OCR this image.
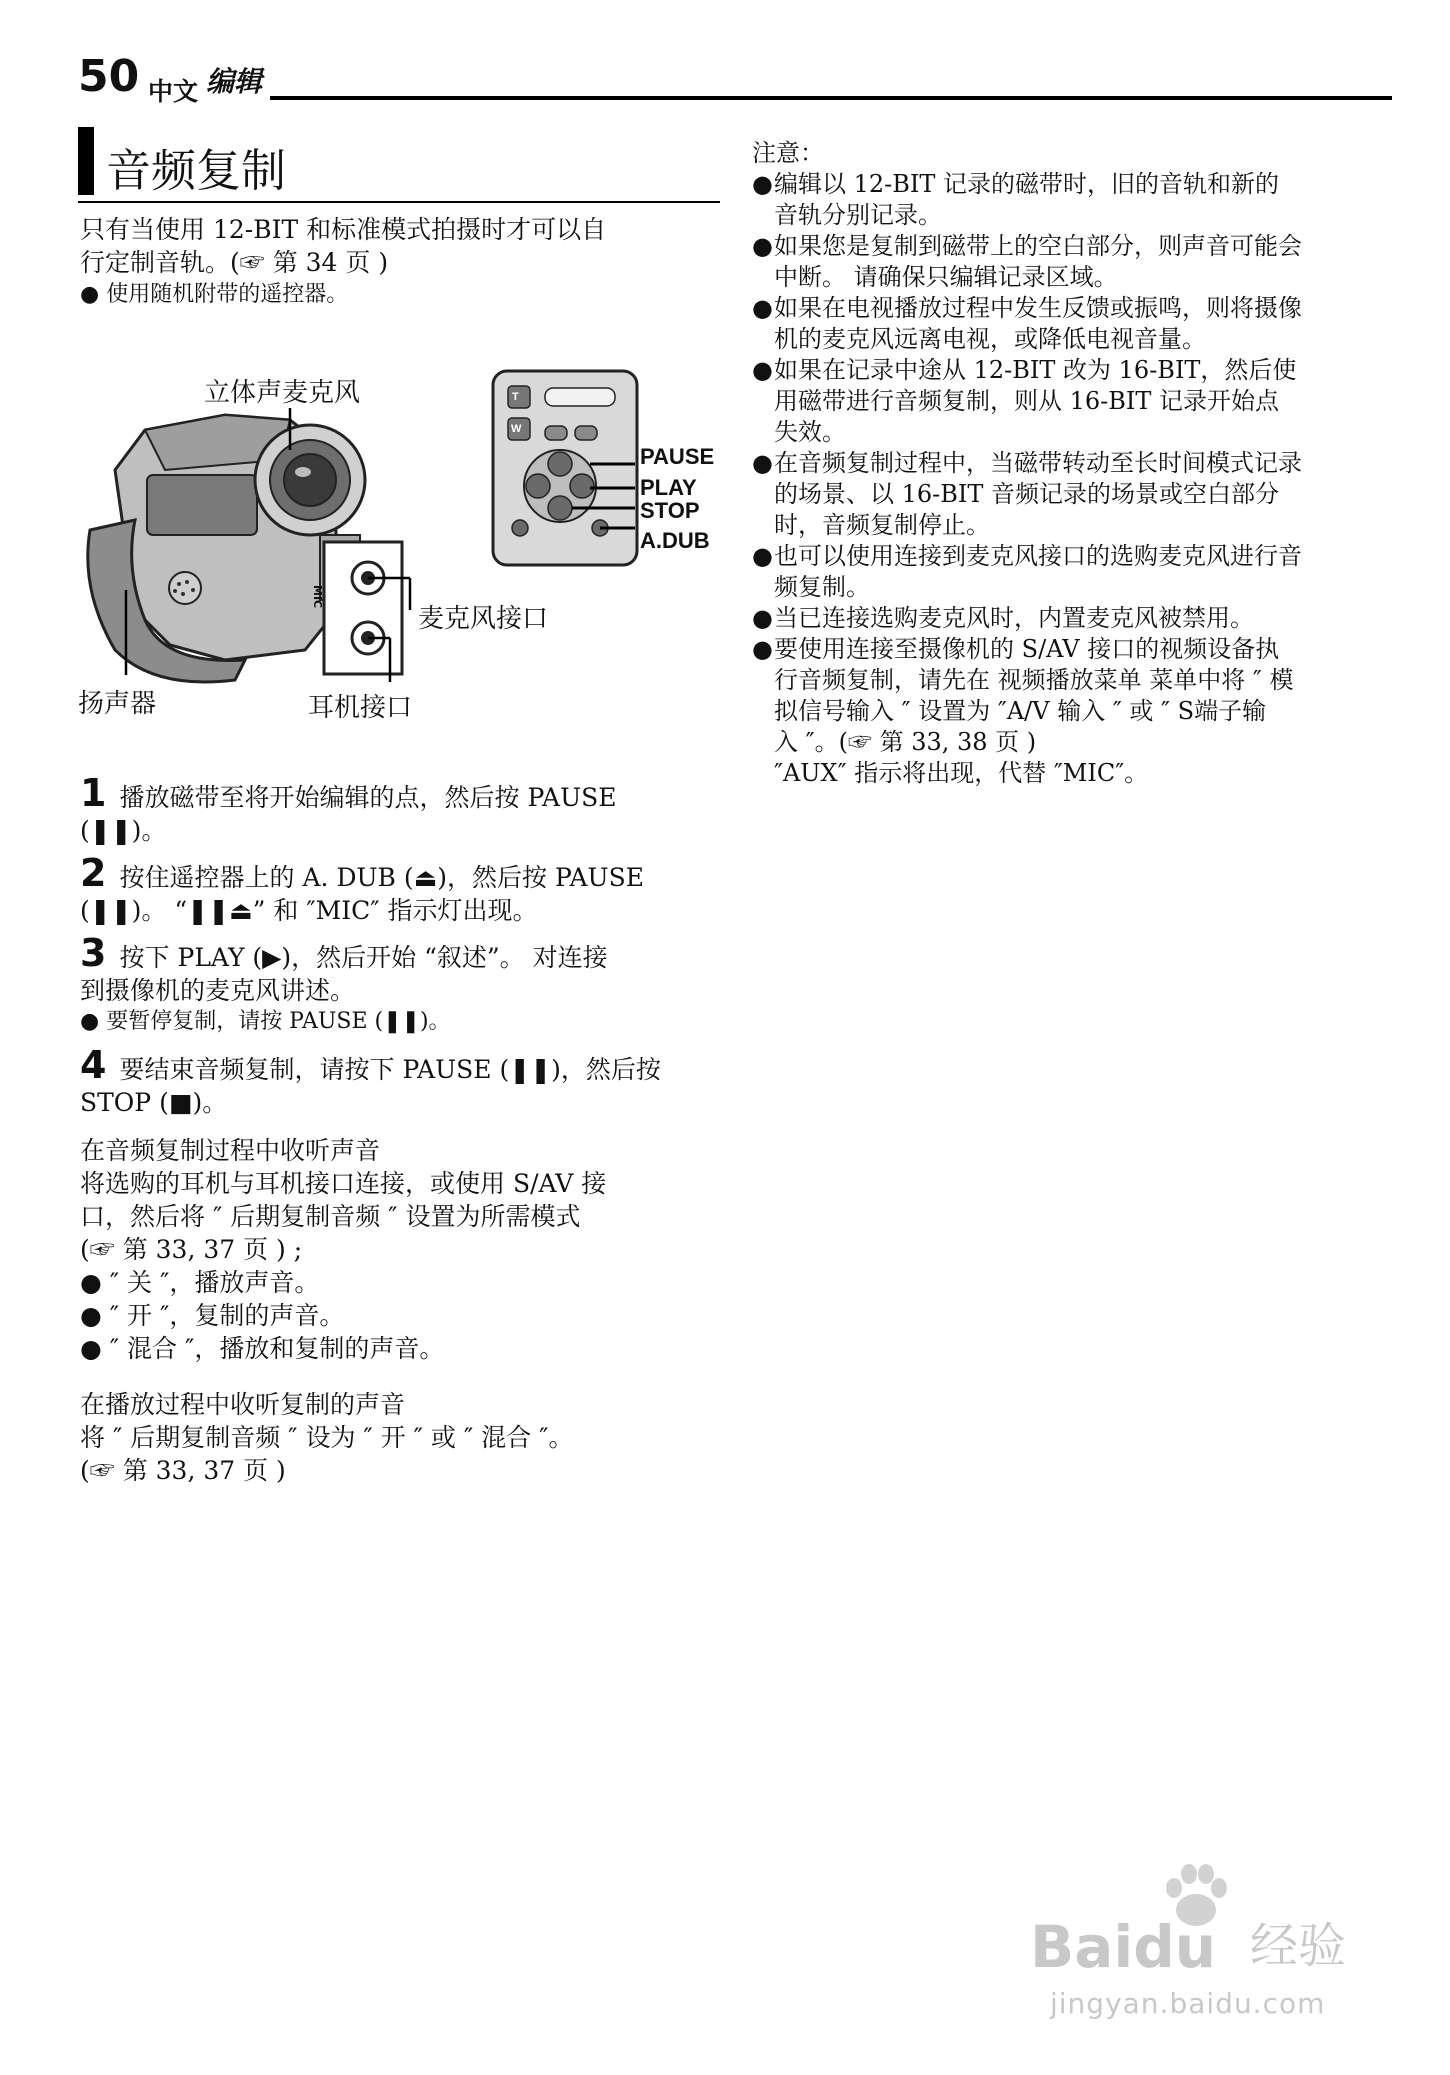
50 中文 编辑
音频复制
只有当使用 12-BIT 和标准模式拍摄时才可以自
行定制音轨。(☞ 第 34 页 )
● 使用随机附带的遥控器。
MIC
立体声麦克风
麦克风接口
扬声器	耳机接口
T
W
PAUSE
PLAY
STOP
A.DUB
1 播放磁带至将开始编辑的点，然后按 PAUSE
(❚❚)。
2 按住遥控器上的 A. DUB (⏏)，然后按 PAUSE
(❚❚)。 “❚❚⏏” 和 ″MIC″ 指示灯出现。
3 按下 PLAY (▶)，然后开始 “叙述”。 对连接
到摄像机的麦克风讲述。
● 要暂停复制，请按 PAUSE (❚❚)。
4 要结束音频复制，请按下 PAUSE (❚❚)，然后按
STOP (■)。
在音频复制过程中收听声音
将选购的耳机与耳机接口连接，或使用 S/AV 接
口，然后将 ″ 后期复制音频 ″ 设置为所需模式
(☞ 第 33, 37 页 ) ;
● ″ 关 ″，播放声音。
● ″ 开 ″，复制的声音。
● ″ 混合 ″，播放和复制的声音。
在播放过程中收听复制的声音
将 ″ 后期复制音频 ″ 设为 ″ 开 ″ 或 ″ 混合 ″。
(☞ 第 33, 37 页 )
注意：
●编辑以 12-BIT 记录的磁带时，旧的音轨和新的
音轨分别记录。
●如果您是复制到磁带上的空白部分，则声音可能会
中断。 请确保只编辑记录区域。
●如果在电视播放过程中发生反馈或振鸣，则将摄像
机的麦克风远离电视，或降低电视音量。
●如果在记录中途从 12-BIT 改为 16-BIT，然后使
用磁带进行音频复制，则从 16-BIT 记录开始点
失效。
●在音频复制过程中，当磁带转动至长时间模式记录
的场景、以 16-BIT 音频记录的场景或空白部分
时，音频复制停止。
●也可以使用连接到麦克风接口的选购麦克风进行音
频复制。
●当已连接选购麦克风时，内置麦克风被禁用。
●要使用连接至摄像机的 S/AV 接口的视频设备执
行音频复制，请先在 视频播放菜单 菜单中将 ″ 模
拟信号输入 ″ 设置为 ″A/V 输入 ″ 或 ″ S端子输
入 ″。(☞ 第 33, 38 页 )
″AUX″ 指示将出现，代替 ″MIC″。
Baidu 经验
jingyan.baidu.com
